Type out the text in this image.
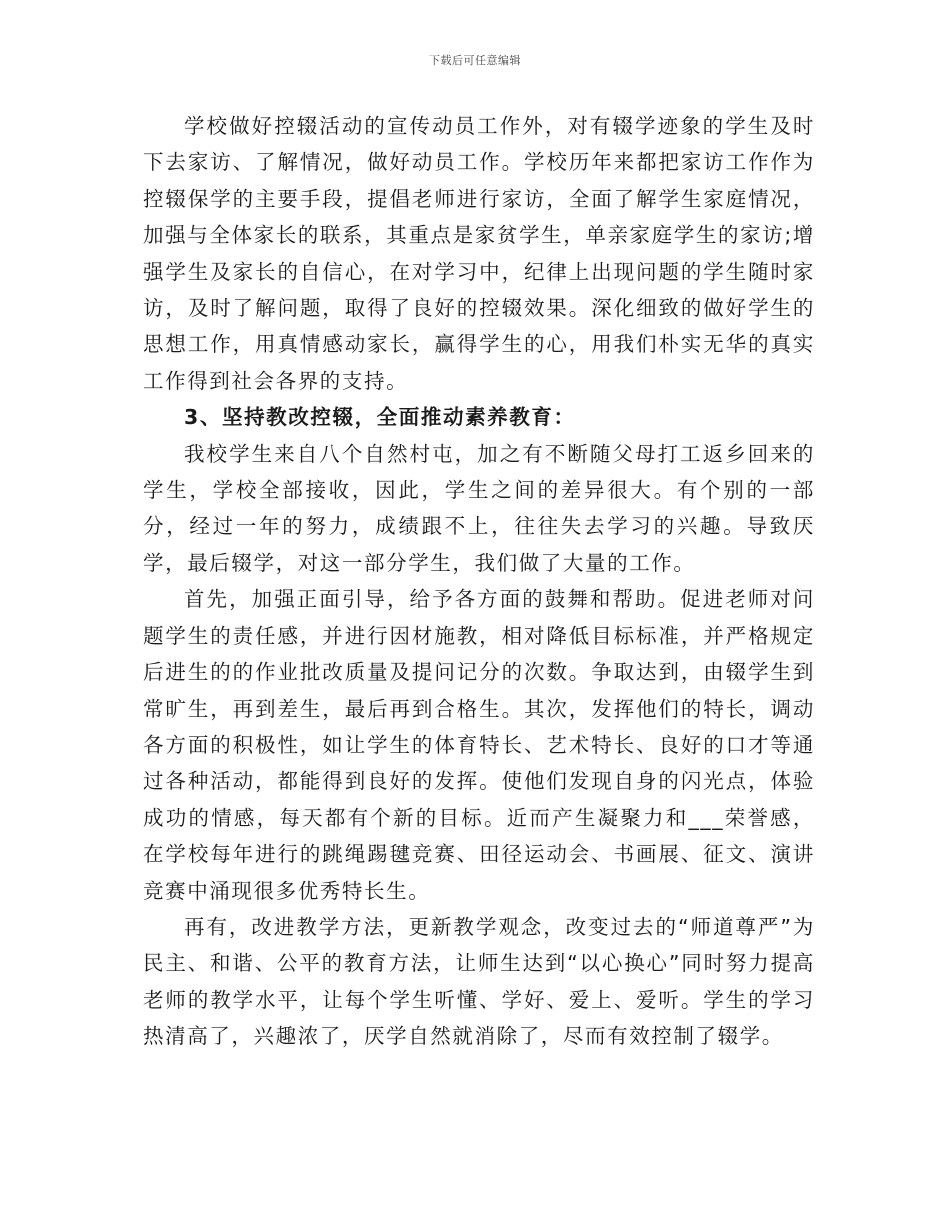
下载后可任意编辑

学校做好控辍活动的宣传动员工作外，对有辍学迹象的学生及时下去家访、了解情况，做好动员工作。学校历年来都把家访工作作为控辍保学的主要手段，提倡老师进行家访，全面了解学生家庭情况，加强与全体家长的联系，其重点是家贫学生，单亲家庭学生的家访;增强学生及家长的自信心，在对学习中，纪律上出现问题的学生随时家访，及时了解问题，取得了良好的控辍效果。深化细致的做好学生的思想工作，用真情感动家长，赢得学生的心，用我们朴实无华的真实工作得到社会各界的支持。

3、坚持教改控辍，全面推动素养教育：

我校学生来自八个自然村屯，加之有不断随父母打工返乡回来的学生，学校全部接收，因此，学生之间的差异很大。有个别的一部分，经过一年的努力，成绩跟不上，往往失去学习的兴趣。导致厌学，最后辍学，对这一部分学生，我们做了大量的工作。

首先，加强正面引导，给予各方面的鼓舞和帮助。促进老师对问题学生的责任感，并进行因材施教，相对降低目标标准，并严格规定后进生的的作业批改质量及提问记分的次数。争取达到，由辍学生到常旷生，再到差生，最后再到合格生。其次，发挥他们的特长，调动各方面的积极性，如让学生的体育特长、艺术特长、良好的口才等通过各种活动，都能得到良好的发挥。使他们发现自身的闪光点，体验成功的情感，每天都有个新的目标。近而产生凝聚力和___荣誉感，在学校每年进行的跳绳踢毽竞赛、田径运动会、书画展、征文、演讲竞赛中涌现很多优秀特长生。

再有，改进教学方法，更新教学观念，改变过去的“师道尊严”为民主、和谐、公平的教育方法，让师生达到“以心换心”同时努力提高老师的教学水平，让每个学生听懂、学好、爱上、爱听。学生的学习热清高了，兴趣浓了，厌学自然就消除了，尽而有效控制了辍学。
